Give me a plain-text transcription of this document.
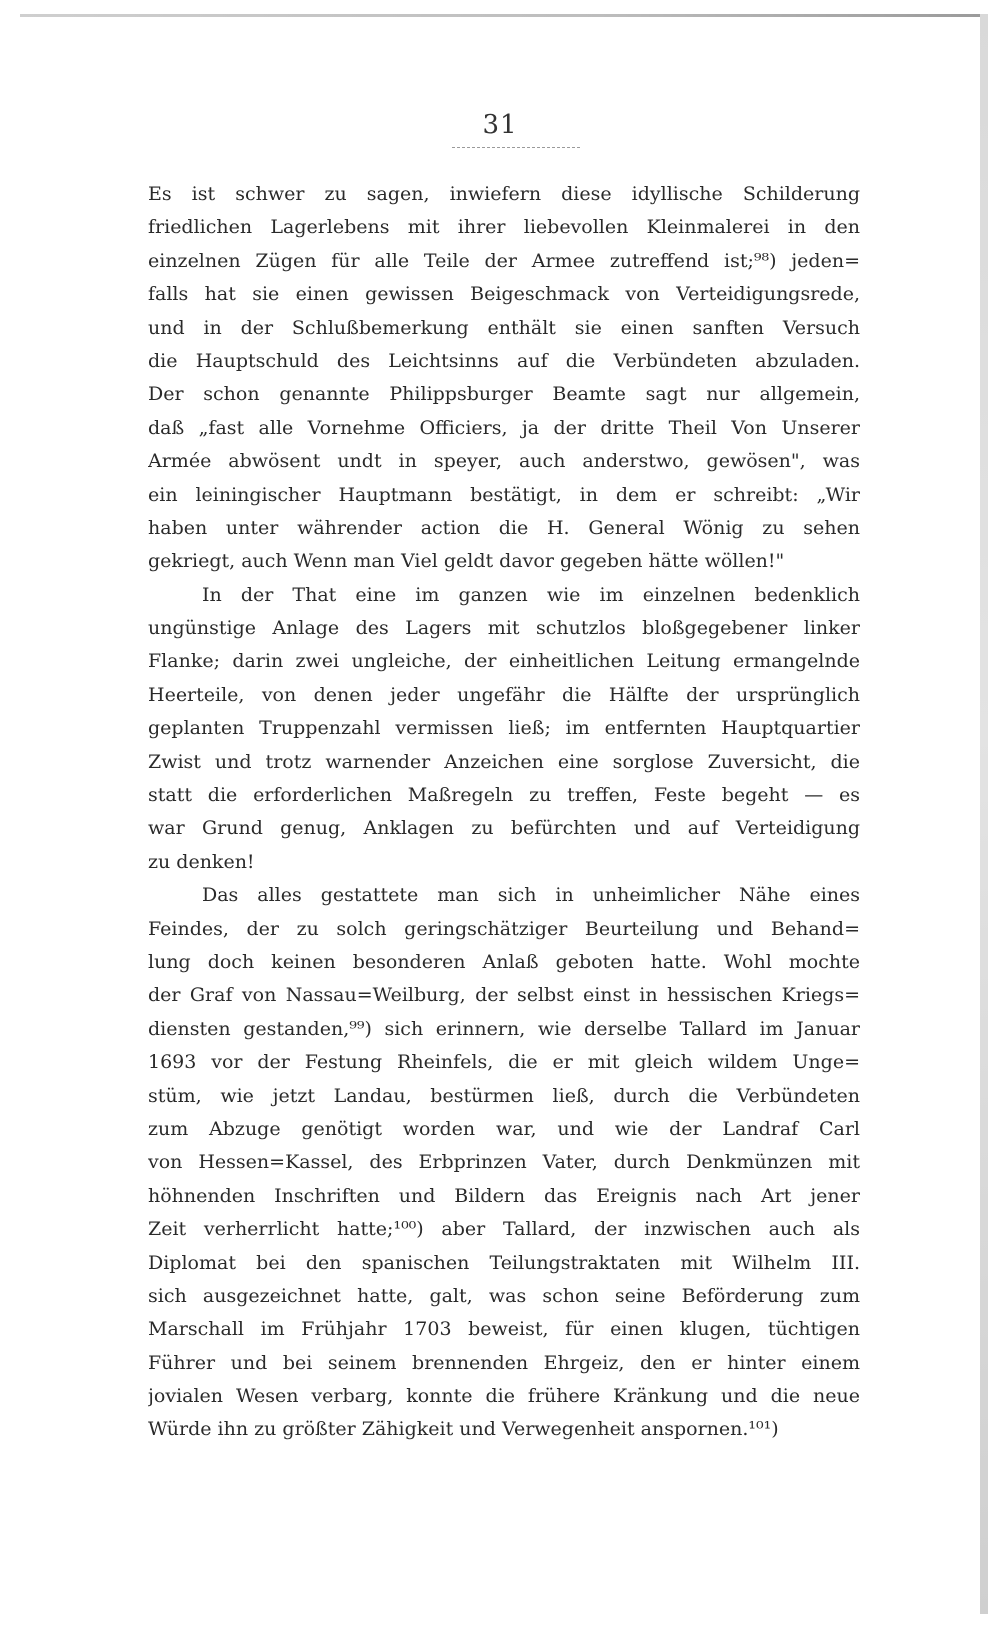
31
Es ist schwer zu sagen, inwiefern diese idyllische Schilderung
friedlichen Lagerlebens mit ihrer liebevollen Kleinmalerei in den
einzelnen Zügen für alle Teile der Armee zutreffend ist;⁹⁸) jeden=
falls hat sie einen gewissen Beigeschmack von Verteidigungsrede,
und in der Schlußbemerkung enthält sie einen sanften Versuch
die Hauptschuld des Leichtsinns auf die Verbündeten abzuladen.
Der schon genannte Philippsburger Beamte sagt nur allgemein,
daß „fast alle Vornehme Officiers, ja der dritte Theil Von Unserer
Armée abwösent undt in speyer, auch anderstwo, gewösen", was
ein leiningischer Hauptmann bestätigt, in dem er schreibt: „Wir
haben unter währender action die H. General Wönig zu sehen
gekriegt, auch Wenn man Viel geldt davor gegeben hätte wöllen!"
In der That eine im ganzen wie im einzelnen bedenklich
ungünstige Anlage des Lagers mit schutzlos bloßgegebener linker
Flanke; darin zwei ungleiche, der einheitlichen Leitung ermangelnde
Heerteile, von denen jeder ungefähr die Hälfte der ursprünglich
geplanten Truppenzahl vermissen ließ; im entfernten Hauptquartier
Zwist und trotz warnender Anzeichen eine sorglose Zuversicht, die
statt die erforderlichen Maßregeln zu treffen, Feste begeht — es
war Grund genug, Anklagen zu befürchten und auf Verteidigung
zu denken!
Das alles gestattete man sich in unheimlicher Nähe eines
Feindes, der zu solch geringschätziger Beurteilung und Behand=
lung doch keinen besonderen Anlaß geboten hatte. Wohl mochte
der Graf von Nassau=Weilburg, der selbst einst in hessischen Kriegs=
diensten gestanden,⁹⁹) sich erinnern, wie derselbe Tallard im Januar
1693 vor der Festung Rheinfels, die er mit gleich wildem Unge=
stüm, wie jetzt Landau, bestürmen ließ, durch die Verbündeten
zum Abzuge genötigt worden war, und wie der Landraf Carl
von Hessen=Kassel, des Erbprinzen Vater, durch Denkmünzen mit
höhnenden Inschriften und Bildern das Ereignis nach Art jener
Zeit verherrlicht hatte;¹⁰⁰) aber Tallard, der inzwischen auch als
Diplomat bei den spanischen Teilungstraktaten mit Wilhelm III.
sich ausgezeichnet hatte, galt, was schon seine Beförderung zum
Marschall im Frühjahr 1703 beweist, für einen klugen, tüchtigen
Führer und bei seinem brennenden Ehrgeiz, den er hinter einem
jovialen Wesen verbarg, konnte die frühere Kränkung und die neue
Würde ihn zu größter Zähigkeit und Verwegenheit anspornen.¹⁰¹)
